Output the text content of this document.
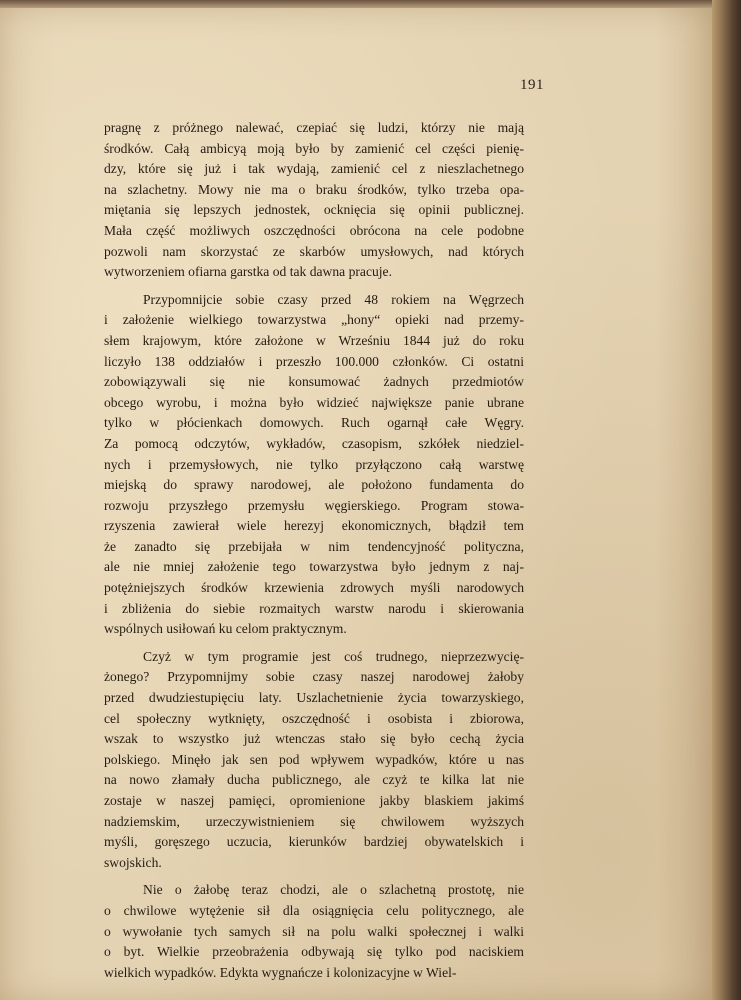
191

pragnę z próżnego nalewać, czepiać się ludzi, którzy nie mają
środków. Całą ambicyą moją było by zamienić cel części pienię-
dzy, które się już i tak wydają, zamienić cel z nieszlachetnego
na szlachetny. Mowy nie ma o braku środków, tylko trzeba opa-
miętania się lepszych jednostek, ocknięcia się opinii publicznej.
Mała część możliwych oszczędności obrócona na cele podobne
pozwoli nam skorzystać ze skarbów umysłowych, nad których
wytworzeniem ofiarna garstka od tak dawna pracuje.

Przypomnijcie sobie czasy przed 48 rokiem na Węgrzech
i założenie wielkiego towarzystwa „hony“ opieki nad przemy-
słem krajowym, które założone w Wrześniu 1844 już do roku
liczyło 138 oddziałów i przeszło 100.000 członków. Ci ostatni
zobowiązywali się nie konsumować żadnych przedmiotów
obcego wyrobu, i można było widzieć największe panie ubrane
tylko w płócienkach domowych. Ruch ogarnął całe Węgry.
Za pomocą odczytów, wykładów, czasopism, szkółek niedziel-
nych i przemysłowych, nie tylko przyłączono całą warstwę
miejską do sprawy narodowej, ale położono fundamenta do
rozwoju przyszłego przemysłu węgierskiego. Program stowa-
rzyszenia zawierał wiele herezyj ekonomicznych, błądził tem
że zanadto się przebijała w nim tendencyjność polityczna,
ale nie mniej założenie tego towarzystwa było jednym z naj-
potężniejszych środków krzewienia zdrowych myśli narodowych
i zbliżenia do siebie rozmaitych warstw narodu i skierowania
wspólnych usiłowań ku celom praktycznym.

Czyż w tym programie jest coś trudnego, nieprzezwycię-
żonego? Przypomnijmy sobie czasy naszej narodowej żałoby
przed dwudziestupięciu laty. Uszlachetnienie życia towarzyskiego,
cel społeczny wytknięty, oszczędność i osobista i zbiorowa,
wszak to wszystko już wtenczas stało się było cechą życia
polskiego. Minęło jak sen pod wpływem wypadków, które u nas
na nowo złamały ducha publicznego, ale czyż te kilka lat nie
zostaje w naszej pamięci, opromienione jakby blaskiem jakimś
nadziemskim, urzeczywistnieniem się chwilowem wyższych
myśli, goręszego uczucia, kierunków bardziej obywatelskich i
swojskich.

Nie o żałobę teraz chodzi, ale o szlachetną prostotę, nie
o chwilowe wytężenie sił dla osiągnięcia celu politycznego, ale
o wywołanie tych samych sił na polu walki społecznej i walki
o byt. Wielkie przeobrażenia odbywają się tylko pod naciskiem
wielkich wypadków. Edykta wygnańcze i kolonizacyjne w Wiel-
